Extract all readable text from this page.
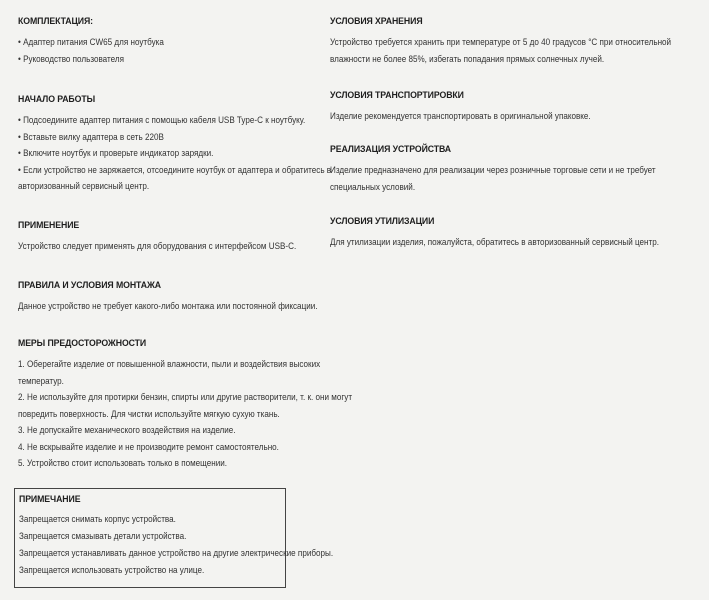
КОМПЛЕКТАЦИЯ:
• Адаптер питания CW65 для ноутбука
• Руководство пользователя
НАЧАЛО РАБОТЫ
• Подсоедините адаптер питания с помощью кабеля USB Type-C к ноутбуку.
• Вставьте вилку адаптера в сеть 220В
• Включите ноутбук и проверьте индикатор зарядки.
• Если устройство не заряжается, отсоедините ноутбук от адаптера и обратитесь в
авторизованный сервисный центр.
ПРИМЕНЕНИЕ
Устройство следует применять для оборудования с интерфейсом USB-C.
ПРАВИЛА И УСЛОВИЯ МОНТАЖА
Данное устройство не требует какого-либо монтажа или постоянной фиксации.
МЕРЫ ПРЕДОСТОРОЖНОСТИ
1. Оберегайте изделие от повышенной влажности, пыли и воздействия высоких
температур.
2. Не используйте для протирки бензин, спирты или другие растворители, т. к. они могут
повредить поверхность. Для чистки используйте мягкую сухую ткань.
3. Не допускайте механического воздействия на изделие.
4. Не вскрывайте изделие и не производите ремонт самостоятельно.
5. Устройство стоит использовать только в помещении.
ПРИМЕЧАНИЕ
Запрещается снимать корпус устройства.
Запрещается смазывать детали устройства.
Запрещается устанавливать данное устройство на другие электрические приборы.
Запрещается использовать устройство на улице.
УСЛОВИЯ ХРАНЕНИЯ
Устройство требуется хранить при температуре от 5 до 40 градусов °С при относительной
влажности не более 85%, избегать попадания прямых солнечных лучей.
УСЛОВИЯ ТРАНСПОРТИРОВКИ
Изделие рекомендуется транспортировать в оригинальной упаковке.
РЕАЛИЗАЦИЯ УСТРОЙСТВА
Изделие предназначено для реализации через розничные торговые сети и не требует
специальных условий.
УСЛОВИЯ УТИЛИЗАЦИИ
Для утилизации изделия, пожалуйста, обратитесь в авторизованный сервисный центр.
